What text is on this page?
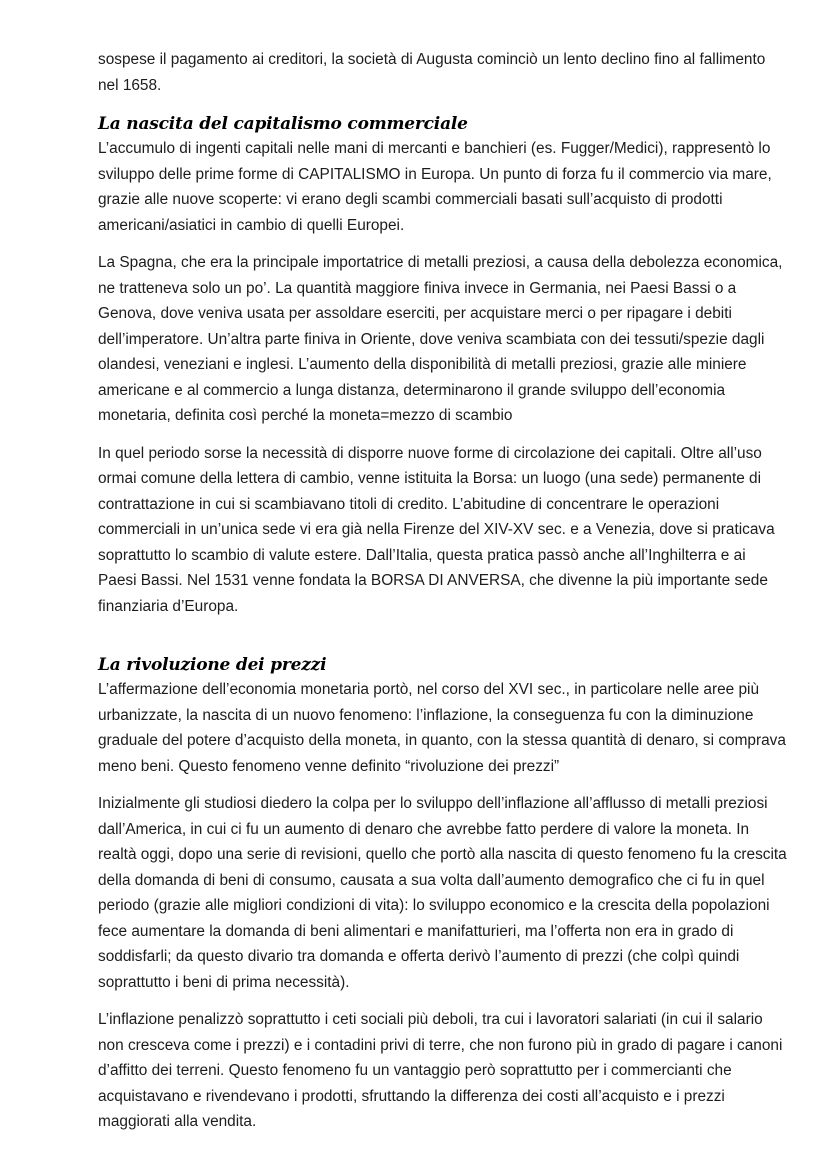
sospese il pagamento ai creditori, la società di Augusta cominciò un lento declino fino al fallimento nel 1658.

La nascita del capitalismo commerciale

L’accumulo di ingenti capitali nelle mani di mercanti e banchieri (es. Fugger/Medici), rappresentò lo sviluppo delle prime forme di CAPITALISMO in Europa. Un punto di forza fu il commercio via mare, grazie alle nuove scoperte: vi erano degli scambi commerciali basati sull’acquisto di prodotti americani/asiatici in cambio di quelli Europei.

La Spagna, che era la principale importatrice di metalli preziosi, a causa della debolezza economica, ne tratteneva solo un po’. La quantità maggiore finiva invece in Germania, nei Paesi Bassi o a Genova, dove veniva usata per assoldare eserciti, per acquistare merci o per ripagare i debiti dell’imperatore. Un’altra parte finiva in Oriente, dove veniva scambiata con dei tessuti/spezie dagli olandesi, veneziani e inglesi. L’aumento della disponibilità di metalli preziosi, grazie alle miniere americane e al commercio a lunga distanza, determinarono il grande sviluppo dell’economia monetaria, definita così perché la moneta=mezzo di scambio

In quel periodo sorse la necessità di disporre nuove forme di circolazione dei capitali. Oltre all’uso ormai comune della lettera di cambio, venne istituita la Borsa: un luogo (una sede) permanente di contrattazione in cui si scambiavano titoli di credito. L’abitudine di concentrare le operazioni commerciali in un’unica sede vi era già nella Firenze del XIV-XV sec. e a Venezia, dove si praticava soprattutto lo scambio di valute estere. Dall’Italia, questa pratica passò anche all’Inghilterra e ai Paesi Bassi. Nel 1531 venne fondata la BORSA DI ANVERSA, che divenne la più importante sede finanziaria d’Europa.

La rivoluzione dei prezzi

L’affermazione dell’economia monetaria portò, nel corso del XVI sec., in particolare nelle aree più urbanizzate, la nascita di un nuovo fenomeno: l’inflazione, la conseguenza fu con la diminuzione graduale del potere d’acquisto della moneta, in quanto, con la stessa quantità di denaro, si comprava meno beni. Questo fenomeno venne definito “rivoluzione dei prezzi”

Inizialmente gli studiosi diedero la colpa per lo sviluppo dell’inflazione all’afflusso di metalli preziosi dall’America, in cui ci fu un aumento di denaro che avrebbe fatto perdere di valore la moneta. In realtà oggi, dopo una serie di revisioni, quello che portò alla nascita di questo fenomeno fu la crescita della domanda di beni di consumo, causata a sua volta dall’aumento demografico che ci fu in quel periodo (grazie alle migliori condizioni di vita): lo sviluppo economico e la crescita della popolazioni fece aumentare la domanda di beni alimentari e manifatturieri, ma l’offerta non era in grado di soddisfarli; da questo divario tra domanda e offerta derivò l’aumento di prezzi (che colpì quindi soprattutto i beni di prima necessità).

L’inflazione penalizzò soprattutto i ceti sociali più deboli, tra cui i lavoratori salariati (in cui il salario non cresceva come i prezzi) e i contadini privi di terre, che non furono più in grado di pagare i canoni d’affitto dei terreni. Questo fenomeno fu un vantaggio però soprattutto per i commercianti che acquistavano e rivendevano i prodotti, sfruttando la differenza dei costi all’acquisto e i prezzi maggiorati alla vendita.
